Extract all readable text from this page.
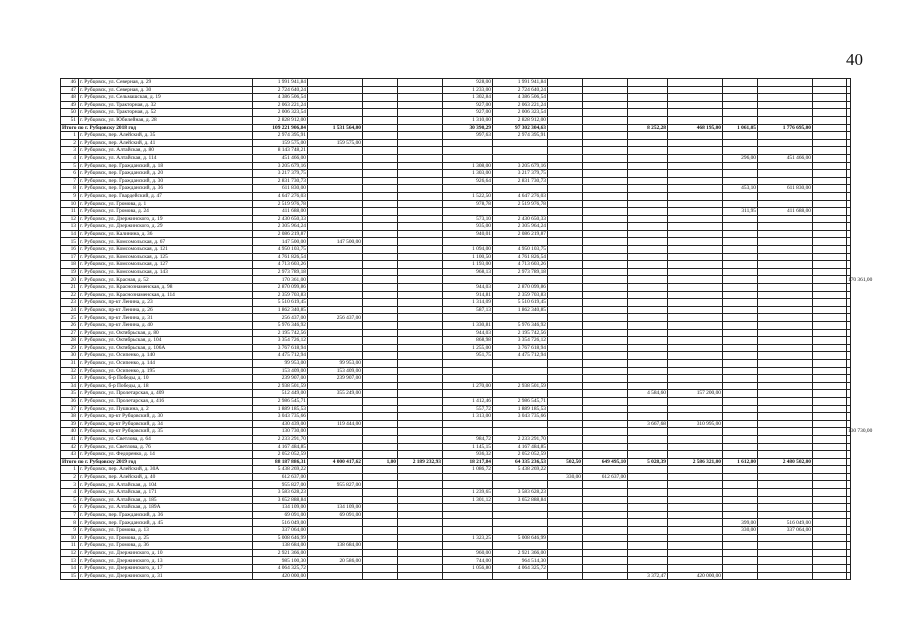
40
46	г. Рубцовск, ул. Северная, д. 29	1 991 941,84				928,00	1 991 941,84										
47	г. Рубцовск, ул. Северная, д. 30	2 724 640,24				1 233,00	2 724 640,24										
48	г. Рубцовск, ул. Сельмашская, д. 19	4 386 506,54				1 302,84	4 386 506,54										
49	г. Рубцовск, ул. Тракторная, д. 32	2 063 221,24				927,00	2 063 221,24										
50	г. Рубцовск, ул. Тракторная, д. 52	2 006 323,54				927,00	2 006 323,54										
51	г. Рубцовск, ул. Юбилейная, д. 28	2 828 912,00				1 310,00	2 828 912,00										
Итого по г. Рубцовску 2018 год		109 221 906,84	1 531 564,00			30 390,29	97 302 304,63			8 252,28	468 195,00	1 061,05	1 776 695,00				
1	г. Рубцовск, пер. Алейский, д. 35	2 974 395,91				997,63	2 974 395,91										
2	г. Рубцовск, пер. Алейский, д. 41	159 575,00	159 575,00														
3	г. Рубцовск, ул. Алтайская, д. 80	8 143 748,21															
4	г. Рубцовск, ул. Алтайская, д. 114	451 466,00										296,00	451 466,00				
5	г. Рубцовск, пер. Гражданский, д. 18	3 205 679,16				1 308,00	3 205 679,16										
6	г. Рубцовск, пер. Гражданский, д. 20	3 217 379,75				1 303,00	3 217 379,75										
7	г. Рубцовск, пер. Гражданский, д. 30	2 831 730,73				926,64	2 831 730,73										
8	г. Рубцовск, пер. Гражданский, д. 36	611 830,00										453,10	611 830,00				
9	г. Рубцовск, пер. Гвардейский, д. 47	4 647 276,03				1 522,50	4 647 276,03										
10	г. Рубцовск, ул. Громова, д. 1	2 519 976,78				978,78	2 519 976,78										
11	г. Рубцовск, ул. Громова, д. 24	411 688,00										311,95	411 688,00				
12	г. Рубцовск, ул. Дзержинского, д. 19	2 430 650,33				573,10	2 430 650,33										
13	г. Рубцовск, ул. Дзержинского, д. 29	2 305 964,24				935,00	2 305 964,24										
14	г. Рубцовск, ул. Калинина, д. 36	2 086 219,87				940,01	2 086 219,87										
15	г. Рубцовск, ул. Комсомольская, д. 67	147 500,00	147 500,00														
16	г. Рубцовск, ул. Комсомольская, д. 121	4 950 103,75				1 094,00	4 950 103,75										
17	г. Рубцовск, ул. Комсомольская, д. 125	4 761 826,54				1 100,50	4 761 826,54										
18	г. Рубцовск, ул. Комсомольская, д. 127	4 713 603,26				1 193,00	4 713 603,26										
19	г. Рубцовск, ул. Комсомольская, д. 143	2 973 789,18				968,13	2 973 789,18										
20	г. Рубцовск, ул. Красная, д. 52	170 361,00													170 361,00		
21	г. Рубцовск, ул. Краснознаменская, д. 98	2 870 099,86				944,03	2 870 099,86										
22	г. Рубцовск, ул. Краснознаменская, д. 114	2 359 703,83				914,81	2 359 703,83										
23	г. Рубцовск, пр-кт Ленина, д. 23	5 510 619,45				1 314,09	5 510 619,45										
24	г. Рубцовск, пр-кт Ленина, д. 26	1 862 340,85				587,13	1 862 340,85										
25	г. Рубцовск, пр-кт Ленина, д. 31	256 437,00	256 437,00														
26	г. Рубцовск, пр-кт Ленина, д. 40	5 976 346,92				1 330,81	5 976 346,92										
27	г. Рубцовск, ул. Октябрьская, д. 80	2 195 742,56				944,03	2 195 742,56										
28	г. Рубцовск, ул. Октябрьская, д. 104	3 354 726,12				868,98	3 354 726,12										
29	г. Рубцовск, ул. Октябрьская, д. 106А	3 767 618,94				1 255,00	3 767 618,94										
30	г. Рубцовск, ул. Осипенко, д. 140	4 475 712,94				951,75	4 475 712,94										
31	г. Рубцовск, ул. Осипенко, д. 144	99 953,00	99 953,00														
32	г. Рубцовск, ул. Осипенко, д. 195	153 409,00	153 409,00														
33	г. Рубцовск, б-р Победы, д. 10	239 907,00	239 907,00														
34	г. Рубцовск, б-р Победы, д. 18	2 938 501,59				1 270,00	2 938 501,59										
35	г. Рубцовск, ул. Пролетарская, д. 409	512 449,00	355 249,00							4 584,60	157 200,00						
36	г. Рубцовск, ул. Пролетарская, д. 416	2 986 545,71				1 412,46	2 986 545,71										
37	г. Рубцовск, ул. Пушкина, д. 2	1 889 185,53				557,72	1 889 185,53										
38	г. Рубцовск, пр-кт Рубцовский, д. 30	3 043 735,66				1 313,00	3 043 735,66										
39	г. Рубцовск, пр-кт Рубцовский, д. 34	430 439,00	119 444,00							3 667,68	310 995,00						
40	г. Рубцовск, пр-кт Рубцовский, д. 35	130 730,00													130 730,00		
41	г. Рубцовск, ул. Светлова, д. 64	2 233 291,70				984,72	2 233 291,70										
42	г. Рубцовск, ул. Светлова, д. 76	4 167 484,85				1 145,15	4 167 484,85										
43	г. Рубцовск, ул. Федоренко, д. 14	2 052 052,59				936,32	2 052 052,59										
Итого по г. Рубцовску 2019 год		88 187 886,31	4 000 417,62	1,00	2 189 232,93	18 217,84	64 335 236,53	502,50	649 495,10	5 028,39	2 586 321,00	1 612,00	2 480 502,00				
1	г. Рубцовск, пер. Алейский, д. 30А	5 438 269,22				1 086,72	5 438 269,22										
2	г. Рубцовск, пер. Алейский, д. 40	612 637,00						330,00	612 637,00								
3	г. Рубцовск, ул. Алтайская, д. 104	955 827,00	955 827,00														
4	г. Рубцовск, ул. Алтайская, д. 171	3 583 628,23				1 239,65	3 583 628,23										
5	г. Рубцовск, ул. Алтайская, д. 185	3 652 888,84				1 301,12	3 652 888,84										
6	г. Рубцовск, ул. Алтайская, д. 189А	134 109,00	134 109,00														
7	г. Рубцовск, пер. Гражданский, д. 36	69 091,00	69 091,00														
8	г. Рубцовск, пер. Гражданский, д. 45	516 049,00										399,00	516 049,00				
9	г. Рубцовск, ул. Громова, д. 13	337 064,00										330,00	337 064,00				
10	г. Рубцовск, ул. Громова, д. 25	5 008 646,99				1 323,25	5 008 646,99										
11	г. Рубцовск, ул. Громова, д. 36	138 684,00	138 684,00														
12	г. Рубцовск, ул. Дзержинского, д. 10	2 921 366,00				960,00	2 921 366,00										
13	г. Рубцовск, ул. Дзержинского, д. 13	985 100,30	20 586,00			744,00	964 514,30										
14	г. Рубцовск, ул. Дзержинского, д. 17	4 064 325,72				1 056,80	4 064 325,72										
15	г. Рубцовск, ул. Дзержинского, д. 31	420 000,00								3 372,47	420 000,00						
